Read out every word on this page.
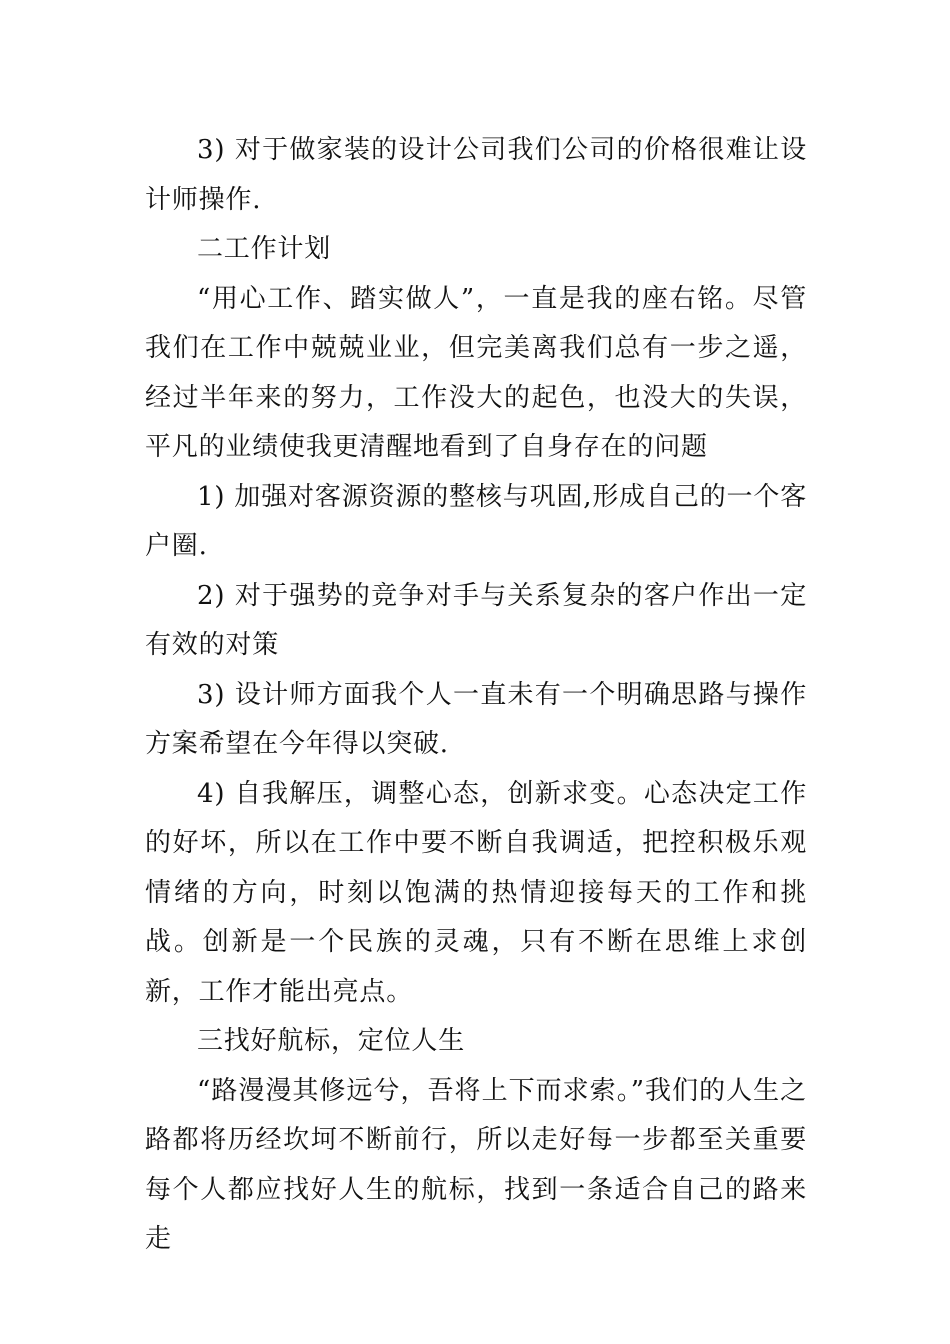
3) 对于做家装的设计公司我们公司的价格很难让设计师操作.

二工作计划

“用心工作、踏实做人”，一直是我的座右铭。尽管我们在工作中兢兢业业，但完美离我们总有一步之遥，经过半年来的努力，工作没大的起色，也没大的失误，平凡的业绩使我更清醒地看到了自身存在的问题

1) 加强对客源资源的整核与巩固,形成自己的一个客户圈.

2) 对于强势的竞争对手与关系复杂的客户作出一定有效的对策

3) 设计师方面我个人一直未有一个明确思路与操作方案希望在今年得以突破.

4) 自我解压，调整心态，创新求变。心态决定工作的好坏，所以在工作中要不断自我调适，把控积极乐观情绪的方向，时刻以饱满的热情迎接每天的工作和挑战。创新是一个民族的灵魂，只有不断在思维上求创新，工作才能出亮点。

三找好航标，定位人生

“路漫漫其修远兮，吾将上下而求索。”我们的人生之路都将历经坎坷不断前行，所以走好每一步都至关重要每个人都应找好人生的航标，找到一条适合自己的路来走
